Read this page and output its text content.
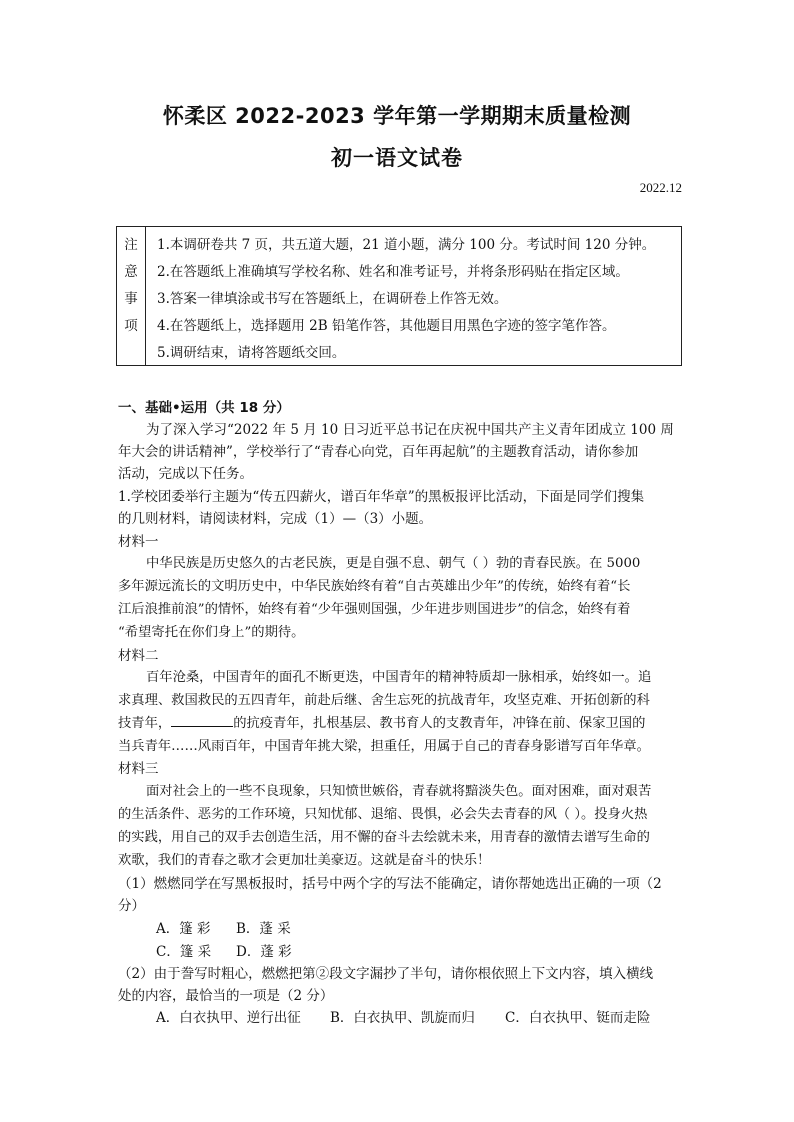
怀柔区 2022-2023 学年第一学期期末质量检测
初一语文试卷
2022.12
注
意
事
项
1.本调研卷共 7 页，共五道大题，21 道小题，满分 100 分。考试时间 120 分钟。
2.在答题纸上准确填写学校名称、姓名和准考证号，并将条形码贴在指定区域。
3.答案一律填涂或书写在答题纸上，在调研卷上作答无效。
4.在答题纸上，选择题用 2B 铅笔作答，其他题目用黑色字迹的签字笔作答。
5.调研结束，请将答题纸交回。
一、基础•运用（共 18 分）
为了深入学习“2022 年 5 月 10 日习近平总书记在庆祝中国共产主义青年团成立 100 周
年大会的讲话精神”，学校举行了“青春心向党，百年再起航”的主题教育活动，请你参加
活动，完成以下任务。
1.学校团委举行主题为“传五四薪火，谱百年华章”的黑板报评比活动，下面是同学们搜集
的几则材料，请阅读材料，完成（1）—（3）小题。
材料一
中华民族是历史悠久的古老民族，更是自强不息、朝气（ ）勃的青春民族。在 5000
多年源远流长的文明历史中，中华民族始终有着“自古英雄出少年”的传统，始终有着“长
江后浪推前浪”的情怀，始终有着“少年强则国强，少年进步则国进步”的信念，始终有着
“希望寄托在你们身上”的期待。
材料二
百年沧桑，中国青年的面孔不断更迭，中国青年的精神特质却一脉相承，始终如一。追
求真理、救国救民的五四青年，前赴后继、舍生忘死的抗战青年，攻坚克难、开拓创新的科
技青年，	的抗疫青年，扎根基层、教书育人的支教青年，冲锋在前、保家卫国的
当兵青年……风雨百年，中国青年挑大梁，担重任，用属于自己的青春身影谱写百年华章。
材料三
面对社会上的一些不良现象，只知愤世嫉俗，青春就将黯淡失色。面对困难，面对艰苦
的生活条件、恶劣的工作环境，只知忧郁、退缩、畏惧，必会失去青春的风（ ）。投身火热
的实践，用自己的双手去创造生活，用不懈的奋斗去绘就未来，用青春的激情去谱写生命的
欢歌，我们的青春之歌才会更加壮美豪迈。这就是奋斗的快乐！
（1）燃燃同学在写黑板报时，括号中两个字的写法不能确定，请你帮她选出正确的一项（2
分）
A．篷 彩 B．蓬 采
C．篷 采 D．蓬 彩
（2）由于誊写时粗心，燃燃把第②段文字漏抄了半句，请你根依照上下文内容，填入横线
处的内容，最恰当的一项是（2 分）
A．白衣执甲、逆行出征 B．白衣执甲、凯旋而归 C．白衣执甲、铤而走险
